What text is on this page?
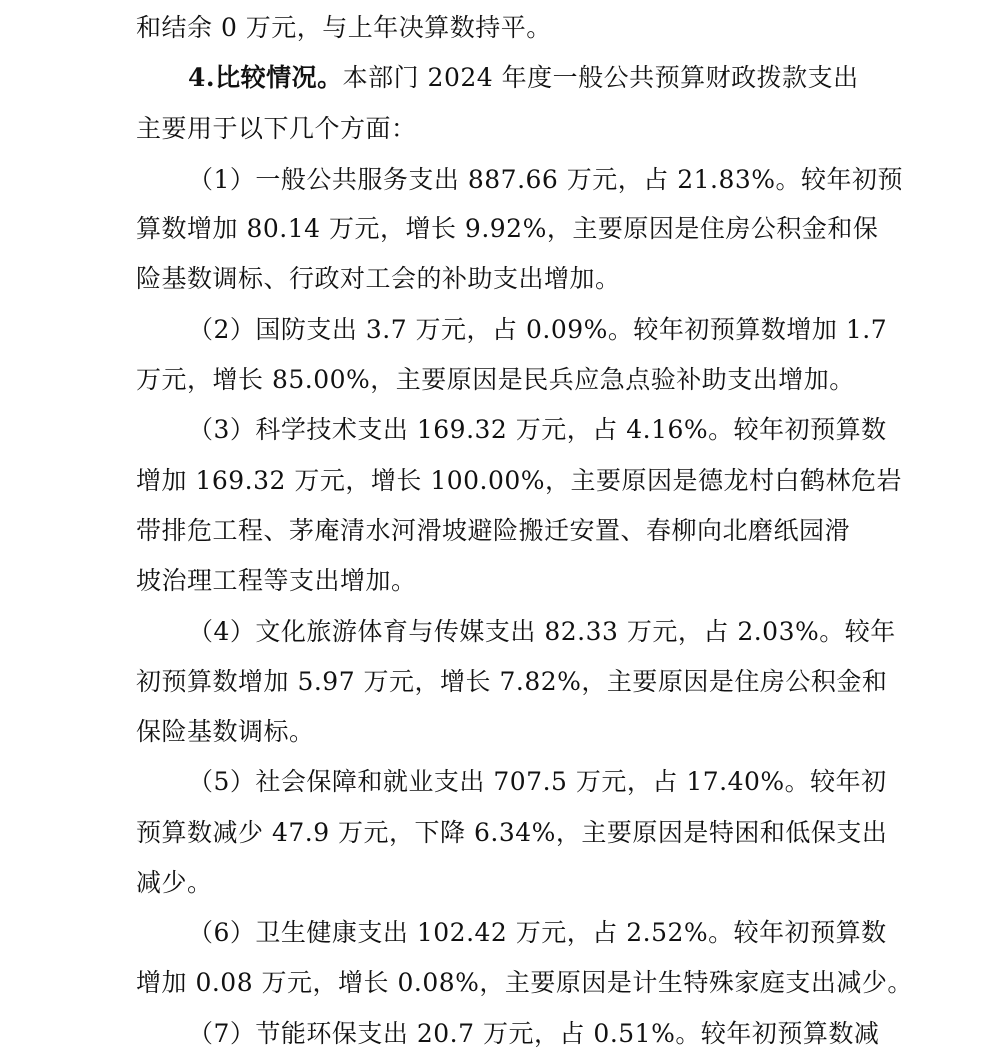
和结余 0 万元，与上年决算数持平。
4.比较情况。本部门 2024 年度一般公共预算财政拨款支出
主要用于以下几个方面：
（1）一般公共服务支出 887.66 万元，占 21.83%。较年初预
算数增加 80.14 万元，增长 9.92%，主要原因是住房公积金和保
险基数调标、行政对工会的补助支出增加。
（2）国防支出 3.7 万元，占 0.09%。较年初预算数增加 1.7
万元，增长 85.00%，主要原因是民兵应急点验补助支出增加。
（3）科学技术支出 169.32 万元，占 4.16%。较年初预算数
增加 169.32 万元，增长 100.00%，主要原因是德龙村白鹤林危岩
带排危工程、茅庵清水河滑坡避险搬迁安置、春柳向北磨纸园滑
坡治理工程等支出增加。
（4）文化旅游体育与传媒支出 82.33 万元，占 2.03%。较年
初预算数增加 5.97 万元，增长 7.82%，主要原因是住房公积金和
保险基数调标。
（5）社会保障和就业支出 707.5 万元，占 17.40%。较年初
预算数减少 47.9 万元，下降 6.34%，主要原因是特困和低保支出
减少。
（6）卫生健康支出 102.42 万元，占 2.52%。较年初预算数
增加 0.08 万元，增长 0.08%，主要原因是计生特殊家庭支出减少。
（7）节能环保支出 20.7 万元，占 0.51%。较年初预算数减
